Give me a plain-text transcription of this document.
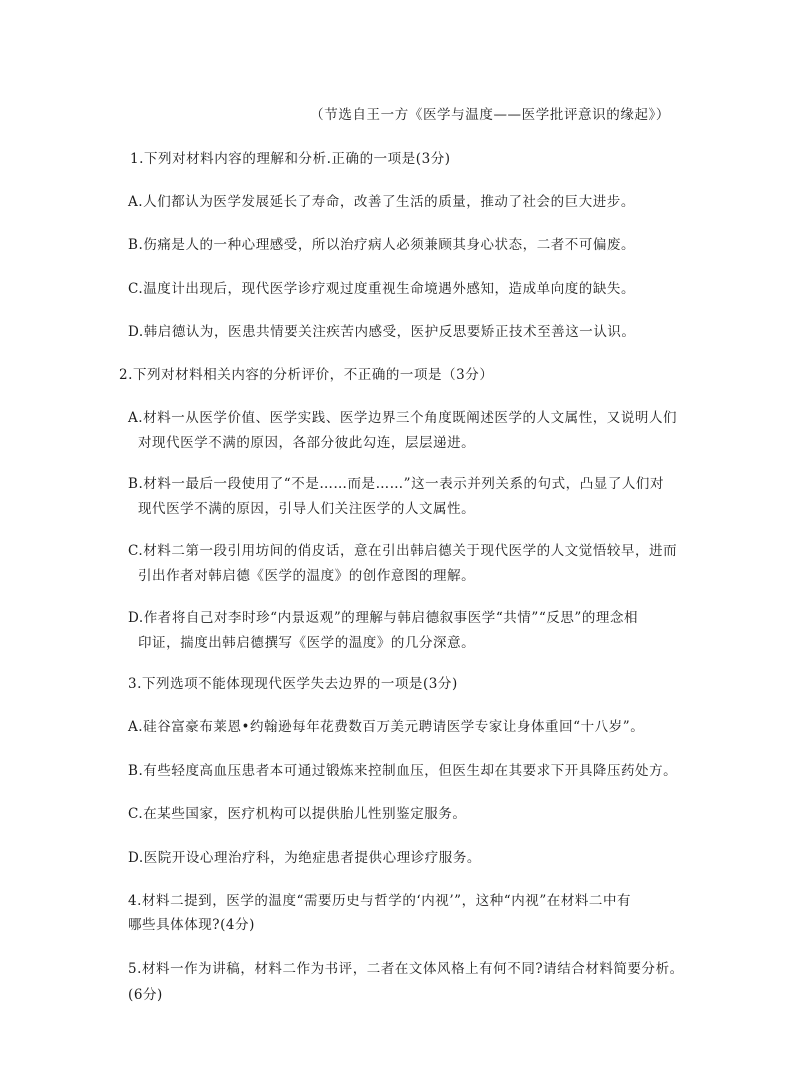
（节选自王一方《医学与温度——医学批评意识的缘起》）
1.下列对材料内容的理解和分析.正确的一项是(3分)
A.人们都认为医学发展延长了寿命，改善了生活的质量，推动了社会的巨大进步。
B.伤痛是人的一种心理感受，所以治疗病人必须兼顾其身心状态，二者不可偏废。
C.温度计出现后，现代医学诊疗观过度重视生命境遇外感知，造成单向度的缺失。
D.韩启德认为，医患共情要关注疾苦内感受，医护反思要矫正技术至善这一认识。
2.下列对材料相关内容的分析评价，不正确的一项是（3分）
A.材料一从医学价值、医学实践、医学边界三个角度既阐述医学的人文属性，又说明人们
对现代医学不满的原因，各部分彼此勾连，层层递进。
B.材料一最后一段使用了“不是……而是……”这一表示并列关系的句式，凸显了人们对
现代医学不满的原因，引导人们关注医学的人文属性。
C.材料二第一段引用坊间的俏皮话，意在引出韩启德关于现代医学的人文觉悟较早，进而
引出作者对韩启德《医学的温度》的创作意图的理解。
D.作者将自己对李时珍“内景返观”的理解与韩启德叙事医学“共情”“反思”的理念相
印证，揣度出韩启德撰写《医学的温度》的几分深意。
3.下列选项不能体现现代医学失去边界的一项是(3分)
A.硅谷富豪布莱恩•约翰逊每年花费数百万美元聘请医学专家让身体重回“十八岁”。
B.有些轻度高血压患者本可通过锻炼来控制血压，但医生却在其要求下开具降压药处方。
C.在某些国家，医疗机构可以提供胎儿性别鉴定服务。
D.医院开设心理治疗科，为绝症患者提供心理诊疗服务。
4.材料二提到，医学的温度“需要历史与哲学的‘内视’”，这种“内视”在材料二中有
哪些具体体现?(4分)
5.材料一作为讲稿，材料二作为书评，二者在文体风格上有何不同?请结合材料简要分析。
(6分)
